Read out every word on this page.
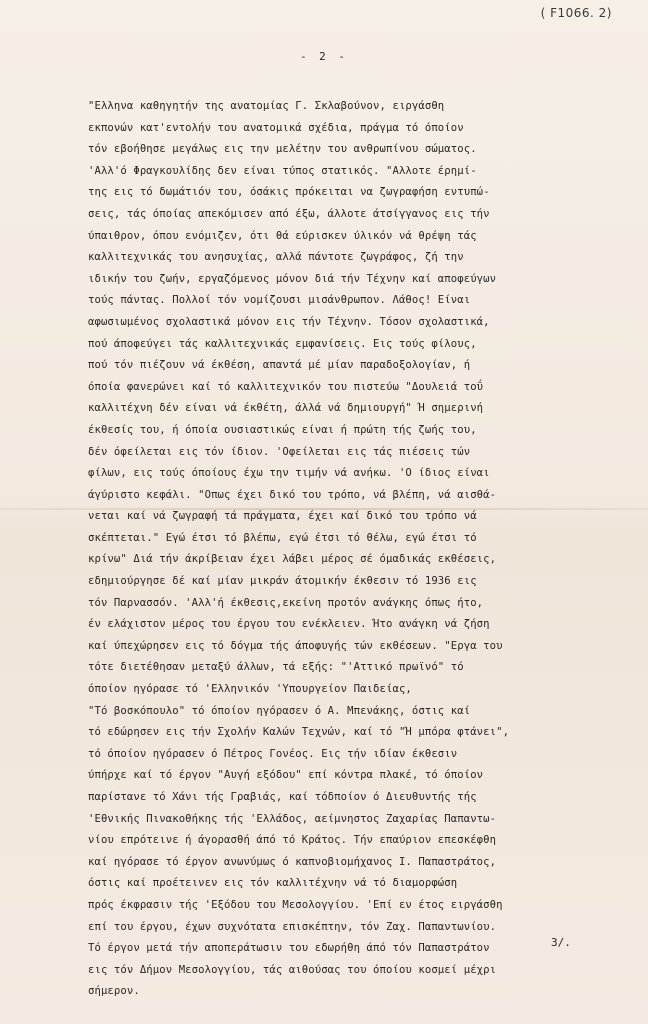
( F1066. 2)
- 2 -
"Ελληνα καθηγητήν της ανατομίας Γ. Σκλαβούνον, ειργάσθη
εκπονών κατ'εντολήν του ανατομικά σχέδια, πράγμα τό όποίον
τόν εβοήθησε μεγάλως εις την μελέτην του ανθρωπίνου σώματος.
'Αλλ'ό Φραγκουλίδης δεν είναι τύπος στατικός. "Αλλοτε έρημί-
της εις τό δωμάτιόν του, όσάκις πρόκειται να ζωγραφήση εντυπώ-
σεις, τάς όποίας απεκόμισεν από έξω, άλλοτε άτσίγγανος εις τήν
ύπαιθρον, όπου ενόμιζεν, ότι θά εύρισκεν ύλικόν νά θρέψη τάς
καλλιτεχνικάς του ανησυχίας, αλλά πάντοτε ζωγράφος, ζή την
ιδικήν του ζωήν, εργαζόμενος μόνον διά τήν Τέχνην καί αποφεύγων
τούς πάντας. Πολλοί τόν νομίζουσι μισάνθρωπον. Λάθος! Είναι
αφωσιωμένος σχολαστικά μόνον εις τήν Τέχνην. Τόσον σχολαστικά,
πού άποφεύγει τάς καλλιτεχνικάς εμφανίσεις. Εις τούς φίλους,
πού τόν πιέζουν νά έκθέση, απαντά μέ μίαν παραδοξολογίαν, ή
όποία φανερώνει καί τό καλλιτεχνικόν του πιστεύω "Δουλειά τοΰ
καλλιτέχνη δέν είναι νά έκθέτη, άλλά νά δημιουργή" Ή σημερινή
έκθεσίς του, ή όποία ουσιαστικώς είναι ή πρώτη τής ζωής του,
δέν όφείλεται εις τόν ίδιον. 'Οφείλεται εις τάς πιέσεις τών
φίλων, εις τούς όποίους έχω την τιμήν νά ανήκω. 'Ο ίδιος είναι
άγύριστο κεφάλι. "Οπως έχει δικό του τρόπο, νά βλέπη, νά αισθά-
νεται καί νά ζωγραφή τά πράγματα, έχει καί δικό του τρόπο νά
σκέπτεται." Εγώ έτσι τό βλέπω, εγώ έτσι τό θέλω, εγώ έτσι τό
κρίνω" Διά τήν άκρίβειαν έχει λάβει μέρος σέ όμαδικάς εκθέσεις,
εδημιούργησε δέ καί μίαν μικράν άτομικήν έκθεσιν τό 1936 εις
τόν Παρνασσόν. 'Αλλ'ή έκθεσις,εκείνη προτόν ανάγκης όπως ήτο,
έν ελάχιστον μέρος του έργου του ενέκλειεν. Ήτο ανάγκη νά ζήση
καί ύπεχώρησεν εις τό δόγμα τής άποφυγής τών εκθέσεων. "Εργα του
τότε διετέθησαν μεταξύ άλλων, τά εξής: "'Αττικό πρωϊνό" τό
όποίον ηγόρασε τό 'Ελληνικόν 'Υπουργείον Παιδείας,
"Τό βοσκόπουλο" τό όποίον ηγόρασεν ό Α. Μπενάκης, όστις καί
τό εδώρησεν εις τήν Σχολήν Καλών Τεχνών, καί τό "Ή μπόρα φτάνει",
τό όποίον ηγόρασεν ό Πέτρος Γονέος. Εις τήν ιδίαν έκθεσιν
ύπήρχε καί τό έργον "Αυγή εξόδου" επί κόντρα πλακέ, τό όποίον
παρίστανε τό Χάνι τής Γραβιάς, καί τόδποίον ό Διευθυντής τής
'Εθνικής Πινακοθήκης τής 'Ελλάδος, αείμνηστος Ζαχαρίας Παπαντω-
νίου επρότεινε ή άγορασθή άπό τό Κράτος. Τήν επαύριον επεσκέφθη
καί ηγόρασε τό έργον ανωνύμως ό καπνοβιομήχανος Ι. Παπαστράτος,
όστις καί προέτεινεν εις τόν καλλιτέχνην νά τό διαμορφώση
πρός έκφρασιν τής 'Εξόδου του Μεσολογγίου. 'Επί εν έτος ειργάσθη
επί του έργου, έχων συχνότατα επισκέπτην, τόν Ζαχ. Παπαντωνίου.
Τό έργον μετά τήν αποπεράτωσιν του εδωρήθη άπό τόν Παπαστράτον
εις τόν Δήμον Μεσολογγίου, τάς αιθούσας του όποίου κοσμεί μέχρι
σήμερον.
3/.
